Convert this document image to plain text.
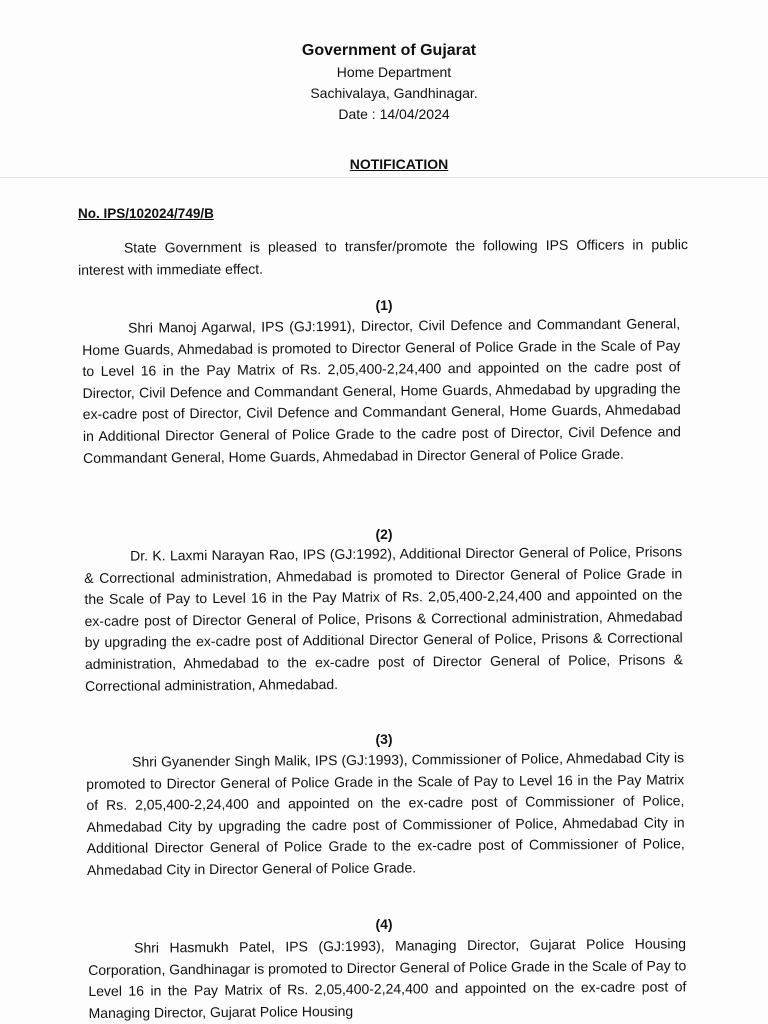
Government of Gujarat
Home Department
Sachivalaya, Gandhinagar.
Date : 14/04/2024
NOTIFICATION
No. IPS/102024/749/B
State Government is pleased to transfer/promote the following IPS Officers in public interest with immediate effect.
(1)
Shri Manoj Agarwal, IPS (GJ:1991), Director, Civil Defence and Commandant General, Home Guards, Ahmedabad is promoted to Director General of Police Grade in the Scale of Pay to Level 16 in the Pay Matrix of Rs. 2,05,400-2,24,400 and appointed on the cadre post of Director, Civil Defence and Commandant General, Home Guards, Ahmedabad by upgrading the ex-cadre post of Director, Civil Defence and Commandant General, Home Guards, Ahmedabad in Additional Director General of Police Grade to the cadre post of Director, Civil Defence and Commandant General, Home Guards, Ahmedabad in Director General of Police Grade.
(2)
Dr. K. Laxmi Narayan Rao, IPS (GJ:1992), Additional Director General of Police, Prisons & Correctional administration, Ahmedabad is promoted to Director General of Police Grade in the Scale of Pay to Level 16 in the Pay Matrix of Rs. 2,05,400-2,24,400 and appointed on the ex-cadre post of Director General of Police, Prisons & Correctional administration, Ahmedabad by upgrading the ex-cadre post of Additional Director General of Police, Prisons & Correctional administration, Ahmedabad to the ex-cadre post of Director General of Police, Prisons & Correctional administration, Ahmedabad.
(3)
Shri Gyanender Singh Malik, IPS (GJ:1993), Commissioner of Police, Ahmedabad City is promoted to Director General of Police Grade in the Scale of Pay to Level 16 in the Pay Matrix of Rs. 2,05,400-2,24,400 and appointed on the ex-cadre post of Commissioner of Police, Ahmedabad City by upgrading the cadre post of Commissioner of Police, Ahmedabad City in Additional Director General of Police Grade to the ex-cadre post of Commissioner of Police, Ahmedabad City in Director General of Police Grade.
(4)
Shri Hasmukh Patel, IPS (GJ:1993), Managing Director, Gujarat Police Housing Corporation, Gandhinagar is promoted to Director General of Police Grade in the Scale of Pay to Level 16 in the Pay Matrix of Rs. 2,05,400-2,24,400 and appointed on the ex-cadre post of Managing Director, Gujarat Police Housing
